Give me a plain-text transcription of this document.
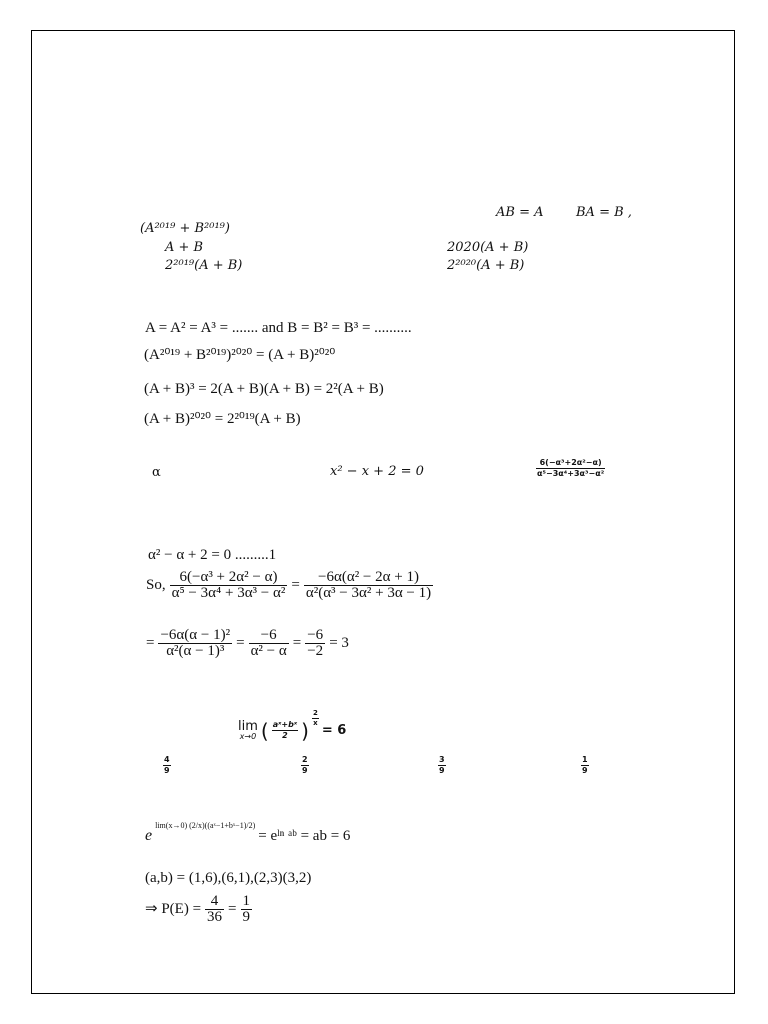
AB = A	BA = B ,
(A²⁰¹⁹ + B²⁰¹⁹)
A + B	2020(A + B)
2²⁰¹⁹(A + B)	2²⁰²⁰(A + B)
A = A² = A³ = ....... and B = B² = B³ = ..........
(A²⁰¹⁹ + B²⁰¹⁹)²⁰²⁰ = (A + B)²⁰²⁰
(A + B)³ = 2(A + B)(A + B) = 2²(A + B)
(A + B)²⁰²⁰ = 2²⁰¹⁹(A + B)
α	x² − x + 2 = 0	$\frac{\text{6(−α³+2α²−α)}}{\text{α⁵−3α⁴+3α³−α²}}$
α² − α + 2 = 0 .........1
So, $\frac{\text{6(−α³ + 2α² − α)}}{\text{α⁵ − 3α⁴ + 3α³ − α²}} = \frac{\text{−6α(α² − 2α + 1)}}{\text{α²(α³ − 3α² + 3α − 1)}}$
= $\frac{\text{−6α(α − 1)²}}{\text{α²(α − 1)³}} = \frac{-6}{\text{α² − α}} = \frac{-6}{-2} = 3$
lim
x→0 ( $\frac{\text{aˣ+bˣ}}{2}$ ) $\frac{2}{x}$
= 6
$\frac{4}{9}$	$\frac{2}{9}$	$\frac{3}{9}$	$\frac{1}{9}$
e
lim(x→0) (2/x)((aˣ−1+bˣ−1)/2)
= eˡⁿ ᵃᵇ = ab = 6
(a,b) = (1,6),(6,1),(2,3)(3,2)
⇒ $P(E) = \frac{4}{36} = \frac{1}{9}$
